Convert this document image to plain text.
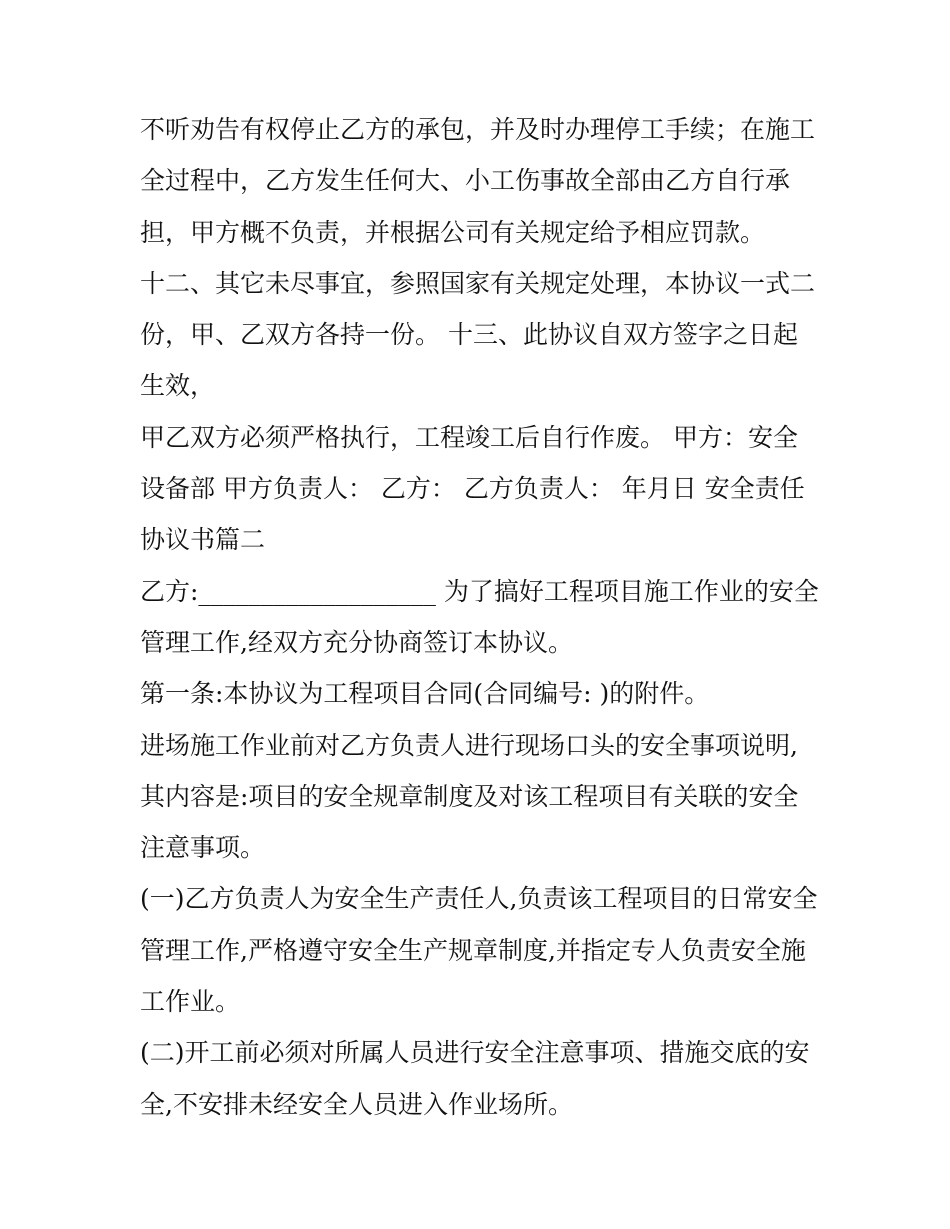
不听劝告有权停止乙方的承包，并及时办理停工手续；在施工
全过程中，乙方发生任何大、小工伤事故全部由乙方自行承
担，甲方概不负责，并根据公司有关规定给予相应罚款。
十二、其它未尽事宜，参照国家有关规定处理，本协议一式二
份，甲、乙双方各持一份。 十三、此协议自双方签字之日起
生效，
甲乙双方必须严格执行，工程竣工后自行作废。 甲方：安全
设备部 甲方负责人： 乙方： 乙方负责人： 年月日 安全责任
协议书篇二
乙方:___________________ 为了搞好工程项目施工作业的安全
管理工作,经双方充分协商签订本协议。
第一条:本协议为工程项目合同(合同编号: )的附件。
进场施工作业前对乙方负责人进行现场口头的安全事项说明,
其内容是:项目的安全规章制度及对该工程项目有关联的安全
注意事项。
(一)乙方负责人为安全生产责任人,负责该工程项目的日常安全
管理工作,严格遵守安全生产规章制度,并指定专人负责安全施
工作业。
(二)开工前必须对所属人员进行安全注意事项、措施交底的安
全,不安排未经安全人员进入作业场所。
